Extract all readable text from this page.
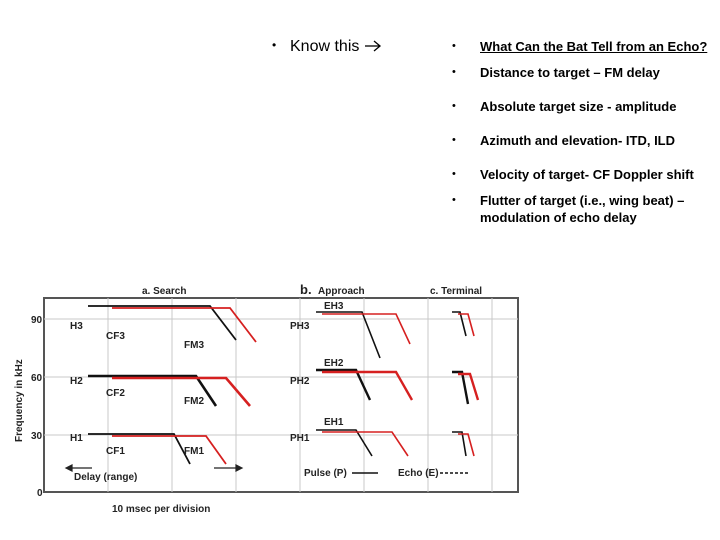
• Know this	• What Can the Bat Tell from an Echo?
• Distance to target – FM delay
• Absolute target size - amplitude
• Azimuth and elevation- ITD, ILD
• Velocity of target- CF Doppler shift
• Flutter of target (i.e., wing beat) – modulation of echo delay
Frequency in kHz
90
60
30
0
a. Search	b. Approach	c. Terminal
H3
H2
H1
CF3
CF2
CF1
FM3
FM2
FM1
EH3
EH2
EH1
PH3
PH2
PH1
Delay (range)	Pulse (P)	Echo (E)
10 msec per division
